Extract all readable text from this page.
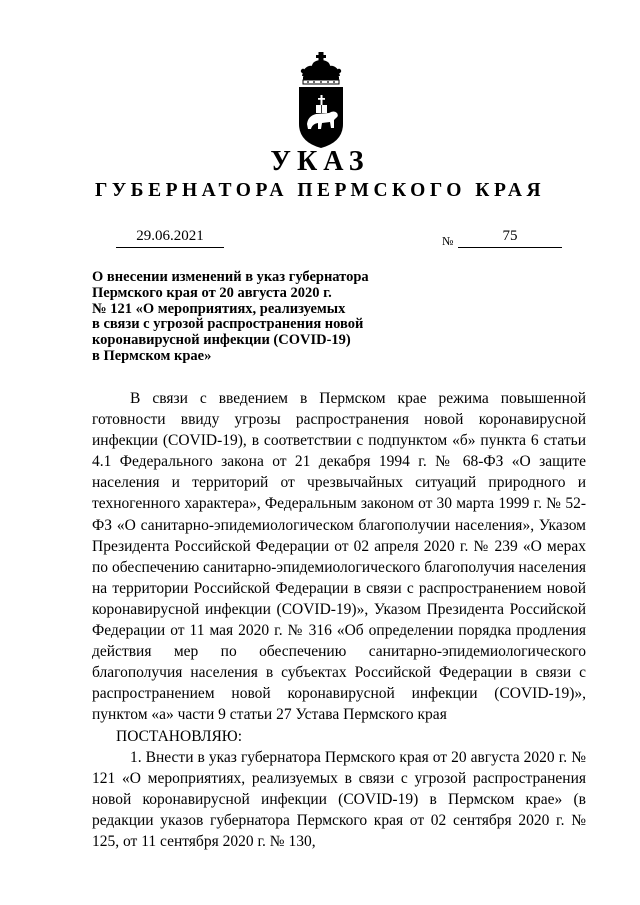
УКАЗ
ГУБЕРНАТОРА ПЕРМСКОГО КРАЯ
29.06.2021	№	75
О внесении изменений в указ губернатора
Пермского края от 20 августа 2020 г.
№ 121 «О мероприятиях, реализуемых
в связи с угрозой распространения новой
коронавирусной инфекции (COVID-19)
в Пермском крае»

В связи с введением в Пермском крае режима повышенной готовности ввиду угрозы распространения новой коронавирусной инфекции (COVID-19), в соответствии с подпунктом «б» пункта 6 статьи 4.1 Федерального закона от 21 декабря 1994 г. № 68-ФЗ «О защите населения и территорий от чрезвычайных ситуаций природного и техногенного характера», Федеральным законом от 30 марта 1999 г. № 52-ФЗ «О санитарно-эпидемиологическом благополучии населения», Указом Президента Российской Федерации от 02 апреля 2020 г. № 239 «О мерах по обеспечению санитарно-эпидемиологического благополучия населения на территории Российской Федерации в связи с распространением новой коронавирусной инфекции (COVID-19)», Указом Президента Российской Федерации от 11 мая 2020 г. № 316 «Об определении порядка продления действия мер по обеспечению санитарно-эпидемиологического благополучия населения в субъектах Российской Федерации в связи с распространением новой коронавирусной инфекции (COVID-19)», пунктом «а» части 9 статьи 27 Устава Пермского края

ПОСТАНОВЛЯЮ:

1. Внести в указ губернатора Пермского края от 20 августа 2020 г. № 121 «О мероприятиях, реализуемых в связи с угрозой распространения новой коронавирусной инфекции (COVID-19) в Пермском крае» (в редакции указов губернатора Пермского края от 02 сентября 2020 г. № 125, от 11 сентября 2020 г. № 130,
